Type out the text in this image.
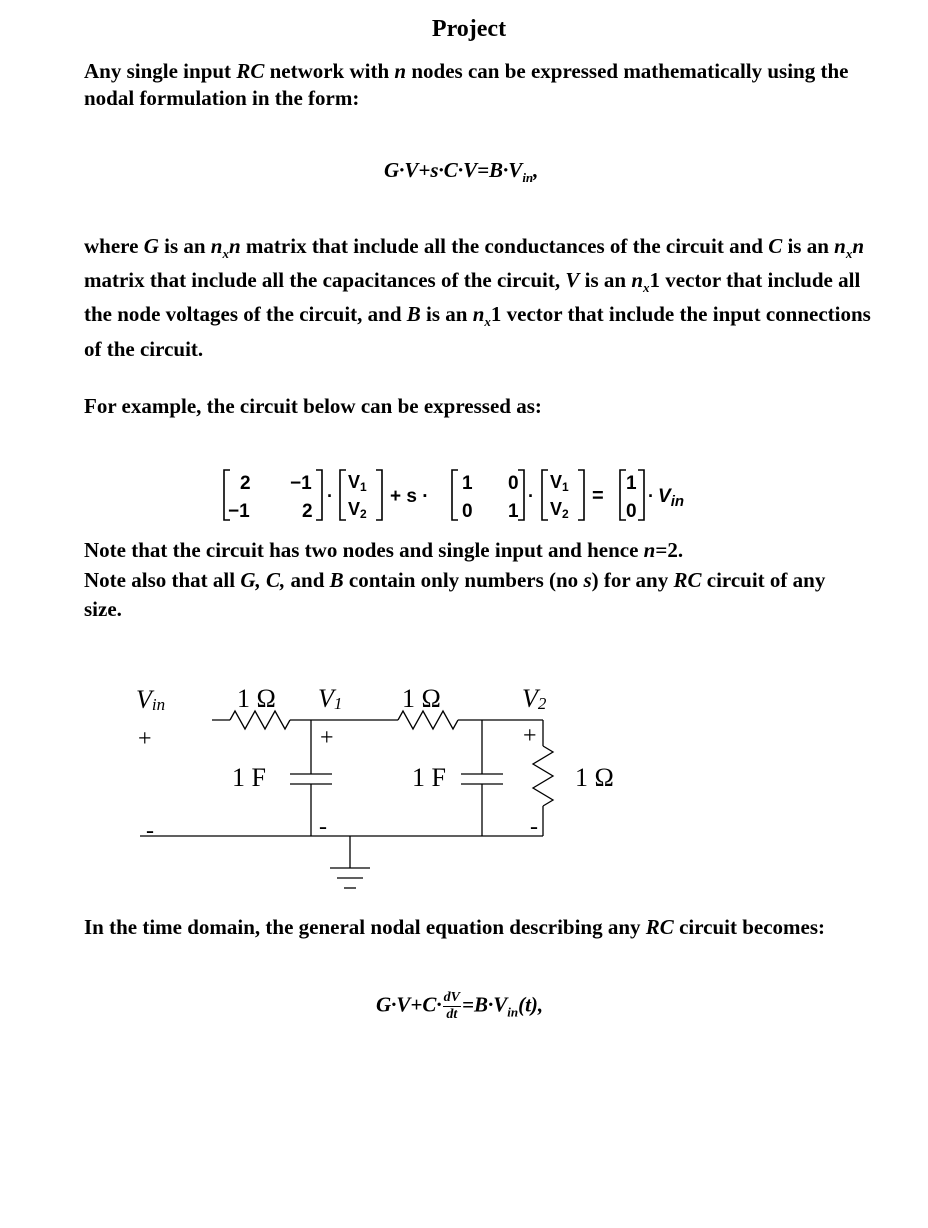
Project
Any single input RC network with n nodes can be expressed mathematically using the nodal formulation in the form:
$G\cdot V+s\cdot C\cdot V=B\cdot V_{in}$,
where G is an $n_xn$ matrix that include all the conductances of the circuit and C is an $n_xn$ matrix that include all the capacitances of the circuit, V is an $n_x1$ vector that include all the node voltages of the circuit, and B is an $n_x1$ vector that include the input connections of the circuit.
For example, the circuit below can be expressed as:
2 −1
−1	2
·
V1
V2
+ s ·
1 0
0 1
·
V1
V2
=
1
0
· $V_{in}$
Note that the circuit has two nodes and single input and hence n=2.
Note also that all G, C, and B contain only numbers (no s) for any RC circuit of any size.
Vin
+
-
1 Ω V1
+
-
1 Ω	V2
+
-
1 F	1 F	1 Ω
In the time domain, the general nodal equation describing any RC circuit becomes:
$G\cdot V+C\cdot \frac{dV}{dt} =B\cdot V_{in}(t)$,
